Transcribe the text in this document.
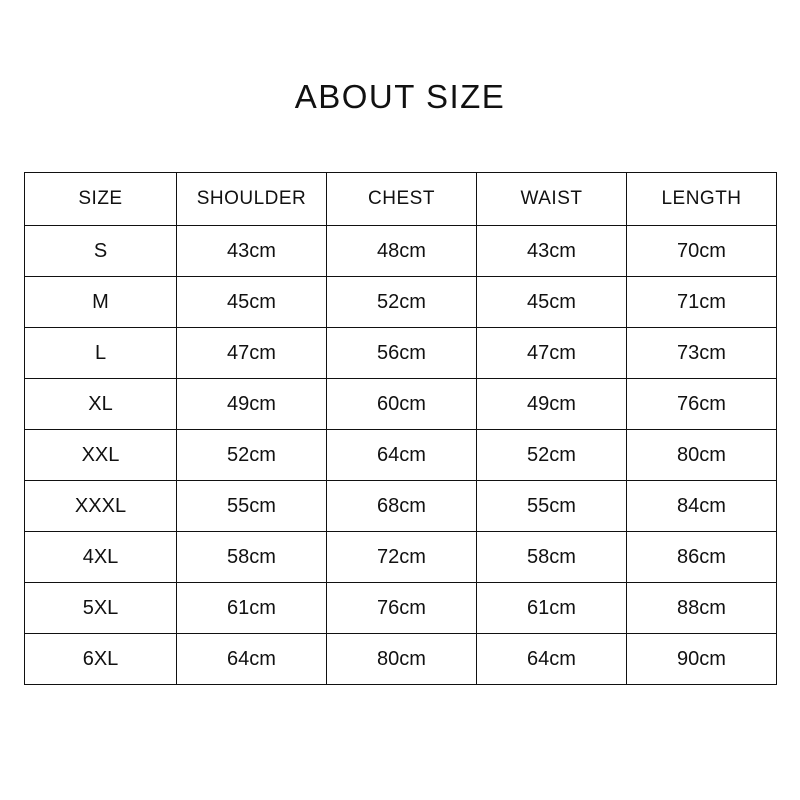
ABOUT SIZE
SIZE	SHOULDER	CHEST	WAIST	LENGTH
S	43cm	48cm	43cm	70cm
M	45cm	52cm	45cm	71cm
L	47cm	56cm	47cm	73cm
XL	49cm	60cm	49cm	76cm
XXL	52cm	64cm	52cm	80cm
XXXL	55cm	68cm	55cm	84cm
4XL	58cm	72cm	58cm	86cm
5XL	61cm	76cm	61cm	88cm
6XL	64cm	80cm	64cm	90cm
